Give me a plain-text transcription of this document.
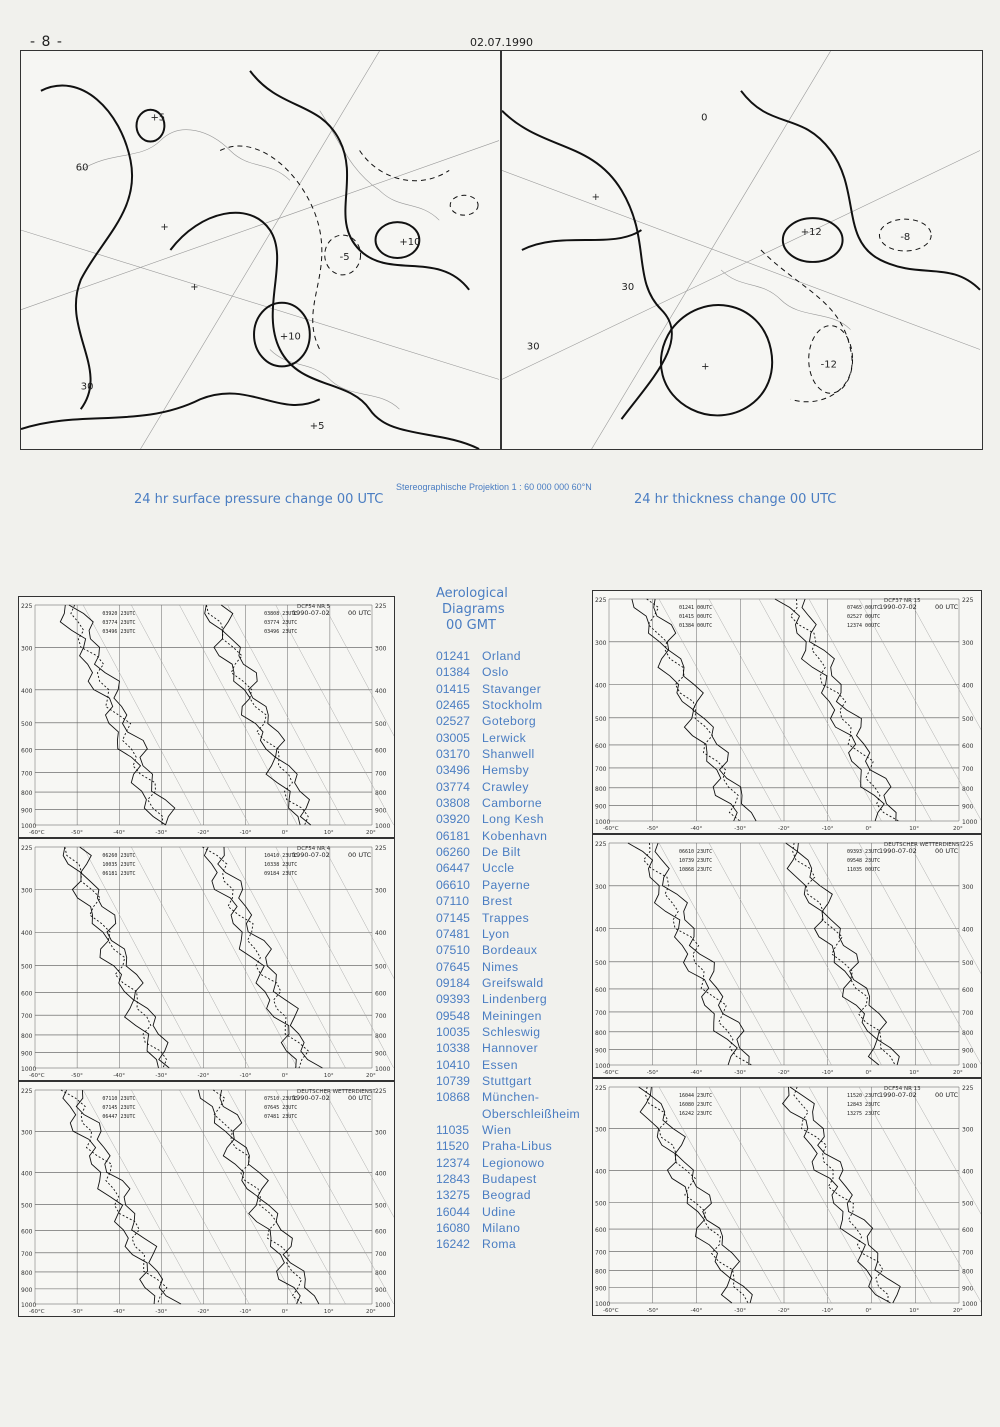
- 8 -	02.07.1990
+5
+10
+10
-5
30
+
60
+5
+	+12	-8
-12
+
30
30
+
0
Stereographische Projektion 1 : 60 000 000 60°N
24 hr surface pressure change 00 UTC	24 hr thickness change 00 UTC
225	225
300	300
400	400
500	500
600	600
700	700
800	800
900	900
1000	1000
-60°C	-50°	-40°	-30°	-20°	-10°	0°	10°	20°
03920 23UTC
03774 23UTC
03496 23UTC
03808 23UTC
03774 23UTC
03496 23UTC
DCF54 NR 5
1990-07-02	00 UTC
225	225
300	300
400	400
500	500
600	600
700	700
800	800
900	900
1000	1000
-60°C	-50°	-40°	-30°	-20°	-10°	0°	10°	20°
06260 23UTC
10035 23UTC
06181 23UTC
10410 23UTC
10338 23UTC
09184 23UTC
DCF54 NR 4
1990-07-02	00 UTC
225	225
300	300
400	400
500	500
600	600
700	700
800	800
900	900
1000	1000
-60°C	-50°	-40°	-30°	-20°	-10°	0°	10°	20°
07110 23UTC
07145 23UTC
06447 23UTC
07510 23UTC
07645 23UTC
07481 23UTC
DEUTSCHER WETTERDIENST
1990-07-02	00 UTC
225	225
300	300
400	400
500	500
600	600
700	700
800	800
900	900
1000	1000
-60°C	-50°	-40°	-30°	-20°	-10°	0°	10°	20°
01241 00UTC
01415 00UTC
01384 00UTC
07465 00UTC
02527 00UTC
12374 00UTC
DCF37 NR 15
1990-07-02	00 UTC
225	225
300	300
400	400
500	500
600	600
700	700
800	800
900	900
1000	1000
-60°C	-50°	-40°	-30°	-20°	-10°	0°	10°	20°
06610 23UTC
10739 23UTC
10868 23UTC
09393 23UTC
09548 23UTC
11035 00UTC
DEUTSCHER WETTERDIENST
1990-07-02	00 UTC
225	225
300	300
400	400
500	500
600	600
700	700
800	800
900	900
1000	1000
-60°C	-50°	-40°	-30°	-20°	-10°	0°	10°	20°
16044 23UTC
16080 23UTC
16242 23UTC
11520 23UTC
12843 23UTC
13275 23UTC
DCF54 NR 13
1990-07-02	00 UTC
Aerological
Diagrams
00 GMT
01241 Orland
01384 Oslo
01415 Stavanger
02465 Stockholm
02527 Goteborg
03005 Lerwick
03170 Shanwell
03496 Hemsby
03774 Crawley
03808 Camborne
03920 Long Kesh
06181 Kobenhavn
06260 De Bilt
06447 Uccle
06610 Payerne
07110	Brest
07145 Trappes
07481 Lyon
07510 Bordeaux
07645 Nimes
09184 Greifswald
09393 Lindenberg
09548 Meiningen
10035 Schleswig
10338 Hannover
10410 Essen
10739 Stuttgart
10868 München-
Oberschleißheim
11035	Wien
11520	Praha-Libus
12374 Legionowo
12843 Budapest
13275 Beograd
16044 Udine
16080 Milano
16242 Roma
